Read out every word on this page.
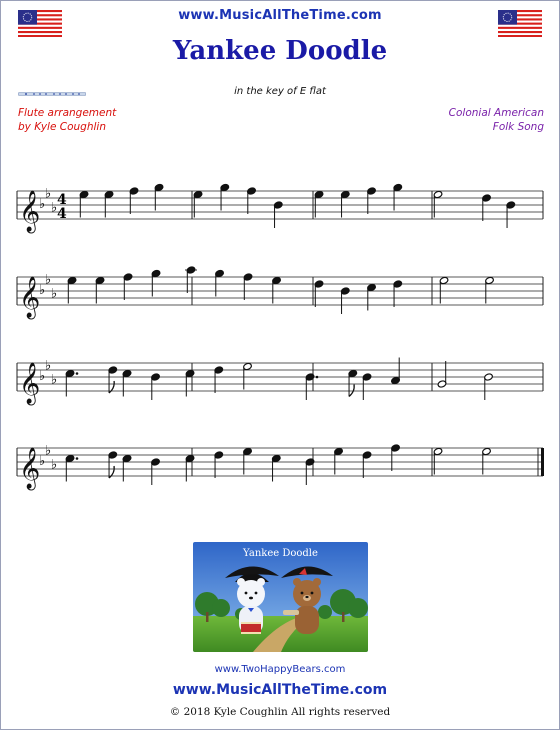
www.MusicAllTheTime.com
Yankee Doodle
in the key of E flat
Flute arrangement
by Kyle Coughlin
Colonial American
Folk Song
𝄞
♭
♭
♭ 4
4
𝄞
♭
♭
♭
𝄞
♭
♭
♭
𝄞
♭
♭
♭
Yankee Doodle
www.TwoHappyBears.com
www.MusicAllTheTime.com
© 2018 Kyle Coughlin All rights reserved
